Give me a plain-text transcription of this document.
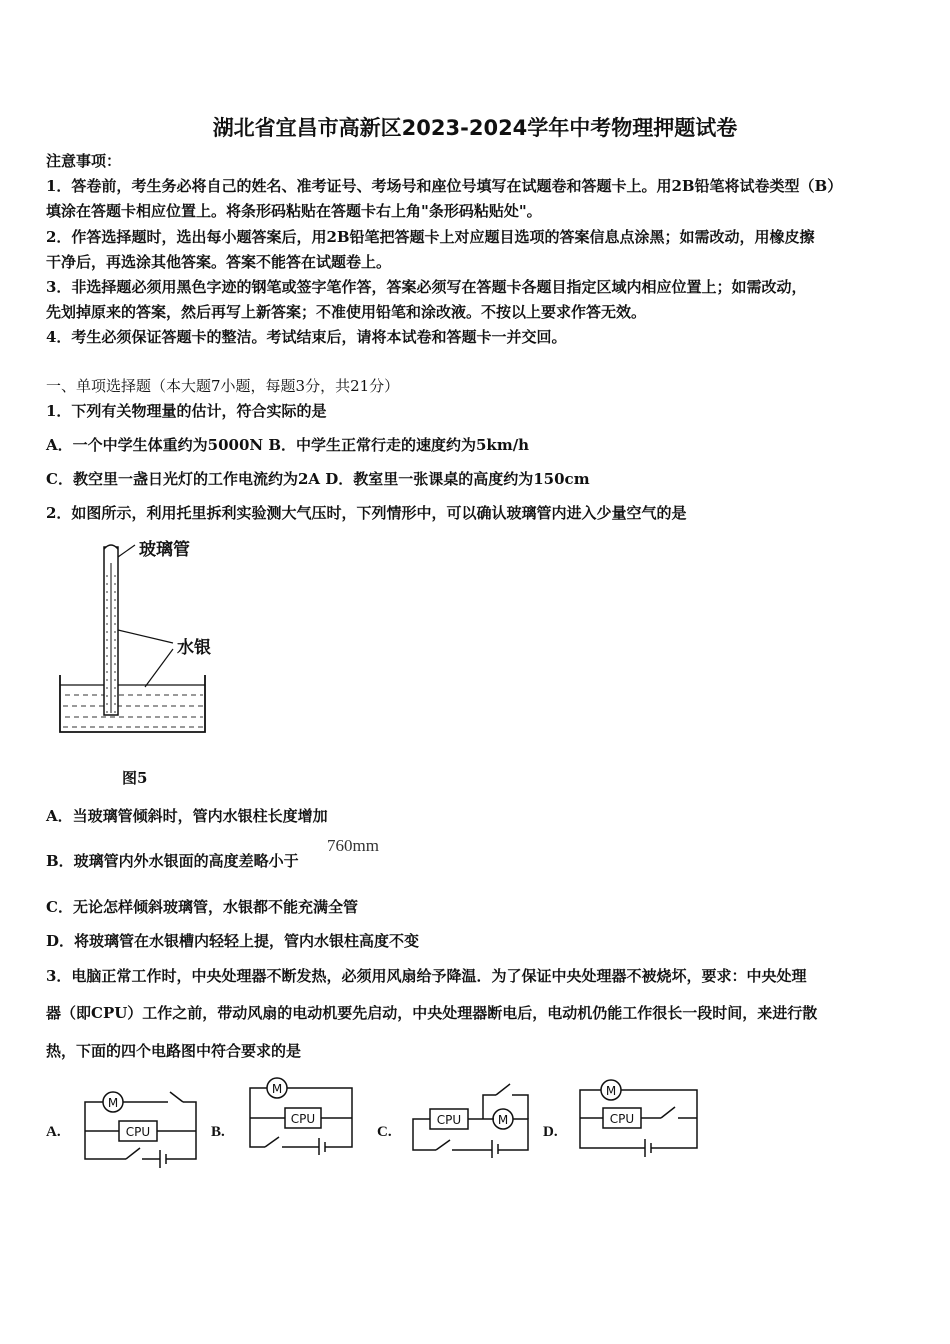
湖北省宜昌市高新区2023-2024学年中考物理押题试卷
注意事项：
1．答卷前，考生务必将自己的姓名、准考证号、考场号和座位号填写在试题卷和答题卡上。用2B铅笔将试卷类型（B）
填涂在答题卡相应位置上。将条形码粘贴在答题卡右上角"条形码粘贴处"。
2．作答选择题时，选出每小题答案后，用2B铅笔把答题卡上对应题目选项的答案信息点涂黑；如需改动，用橡皮擦
干净后，再选涂其他答案。答案不能答在试题卷上。
3．非选择题必须用黑色字迹的钢笔或签字笔作答，答案必须写在答题卡各题目指定区域内相应位置上；如需改动，
先划掉原来的答案，然后再写上新答案；不准使用铅笔和涂改液。不按以上要求作答无效。
4．考生必须保证答题卡的整洁。考试结束后，请将本试卷和答题卡一并交回。
一、单项选择题（本大题7小题，每题3分，共21分）
1．下列有关物理量的估计，符合实际的是
A．一个中学生体重约为5000N B．中学生正常行走的速度约为5km/h
C．教空里一盏日光灯的工作电流约为2A D．教室里一张课桌的高度约为150cm
2．如图所示，利用托里拆利实验测大气压时，下列情形中，可以确认玻璃管内进入少量空气的是
玻璃管
水银
图5
A．当玻璃管倾斜时，管内水银柱长度增加
B．玻璃管内外水银面的高度差略小于
760mm
C．无论怎样倾斜玻璃管，水银都不能充满全管
D．将玻璃管在水银槽内轻轻上提，管内水银柱高度不变
3．电脑正常工作时，中央处理器不断发热，必须用风扇给予降温．为了保证中央处理器不被烧坏，要求：中央处理
器（即CPU）工作之前，带动风扇的电动机要先启动，中央处理器断电后，电动机仍能工作很长一段时间，来进行散
热，下面的四个电路图中符合要求的是
A.	B.	C.	D.
M
CPU
M
CPU	CPU	M
M
CPU
